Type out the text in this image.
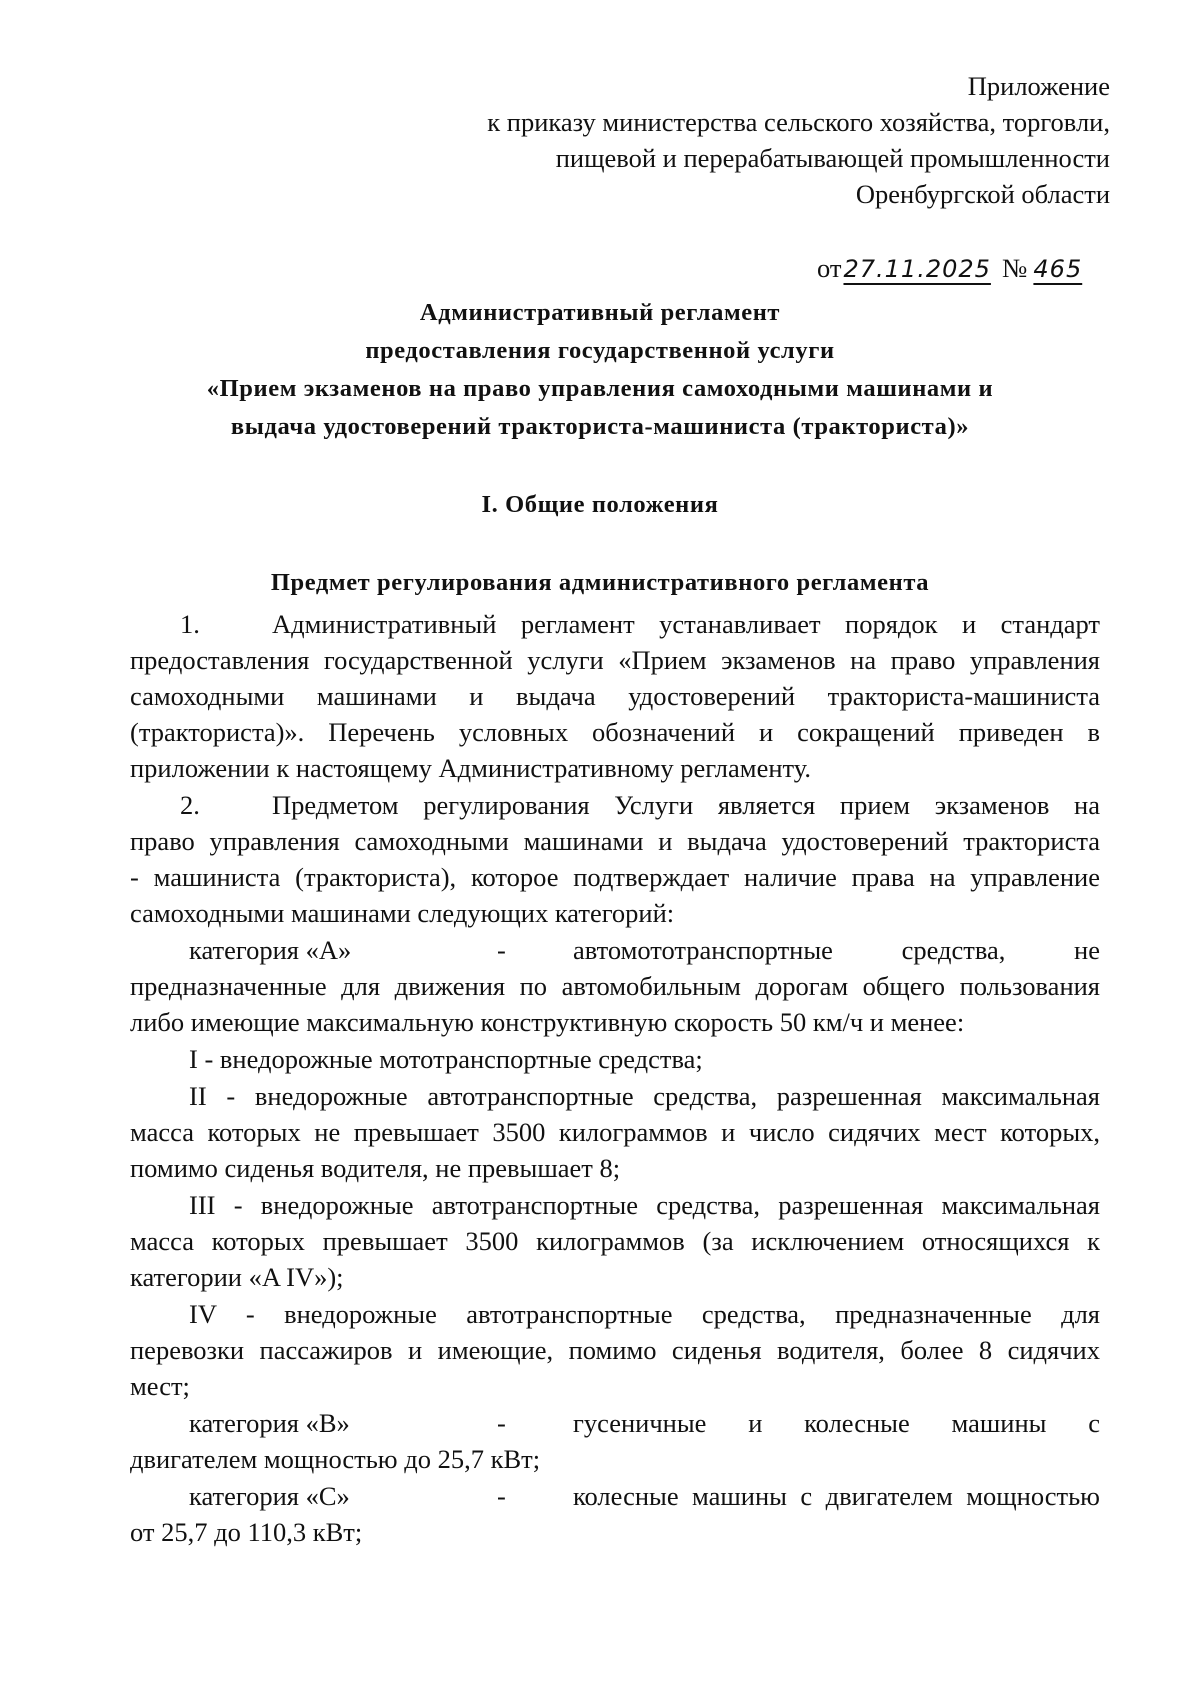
Приложение
к приказу министерства сельского хозяйства, торговли,
пищевой и перерабатывающей промышленности
Оренбургской области
от27.11.2025 № 465
Административный регламент
предоставления государственной услуги
«Прием экзаменов на право управления самоходными машинами и
выдача удостоверений тракториста-машиниста (тракториста)»
I. Общие положения
Предмет регулирования административного регламента
1.	Административный регламент устанавливает порядок и стандарт
предоставления государственной услуги «Прием экзаменов на право управления
самоходными машинами и выдача удостоверений тракториста-машиниста
(тракториста)». Перечень условных обозначений и сокращений приведен в
приложении к настоящему Административному регламенту.
2.	Предметом регулирования Услуги является прием экзаменов на
право управления самоходными машинами и выдача удостоверений тракториста
- машиниста (тракториста), которое подтверждает наличие права на управление
самоходными машинами следующих категорий:
категория «А»	-	автомототранспортные средства, не
предназначенные для движения по автомобильным дорогам общего пользования
либо имеющие максимальную конструктивную скорость 50 км/ч и менее:
I - внедорожные мототранспортные средства;
II - внедорожные автотранспортные средства, разрешенная максимальная
масса которых не превышает 3500 килограммов и число сидячих мест которых,
помимо сиденья водителя, не превышает 8;
III - внедорожные автотранспортные средства, разрешенная максимальная
масса которых превышает 3500 килограммов (за исключением относящихся к
категории «A IV»);
IV - внедорожные автотранспортные средства, предназначенные для
перевозки пассажиров и имеющие, помимо сиденья водителя, более 8 сидячих
мест;
категория «В»	-	гусеничные и колесные машины с
двигателем мощностью до 25,7 кВт;
категория «С»	-	колесные машины с двигателем мощностью
от 25,7 до 110,3 кВт;
